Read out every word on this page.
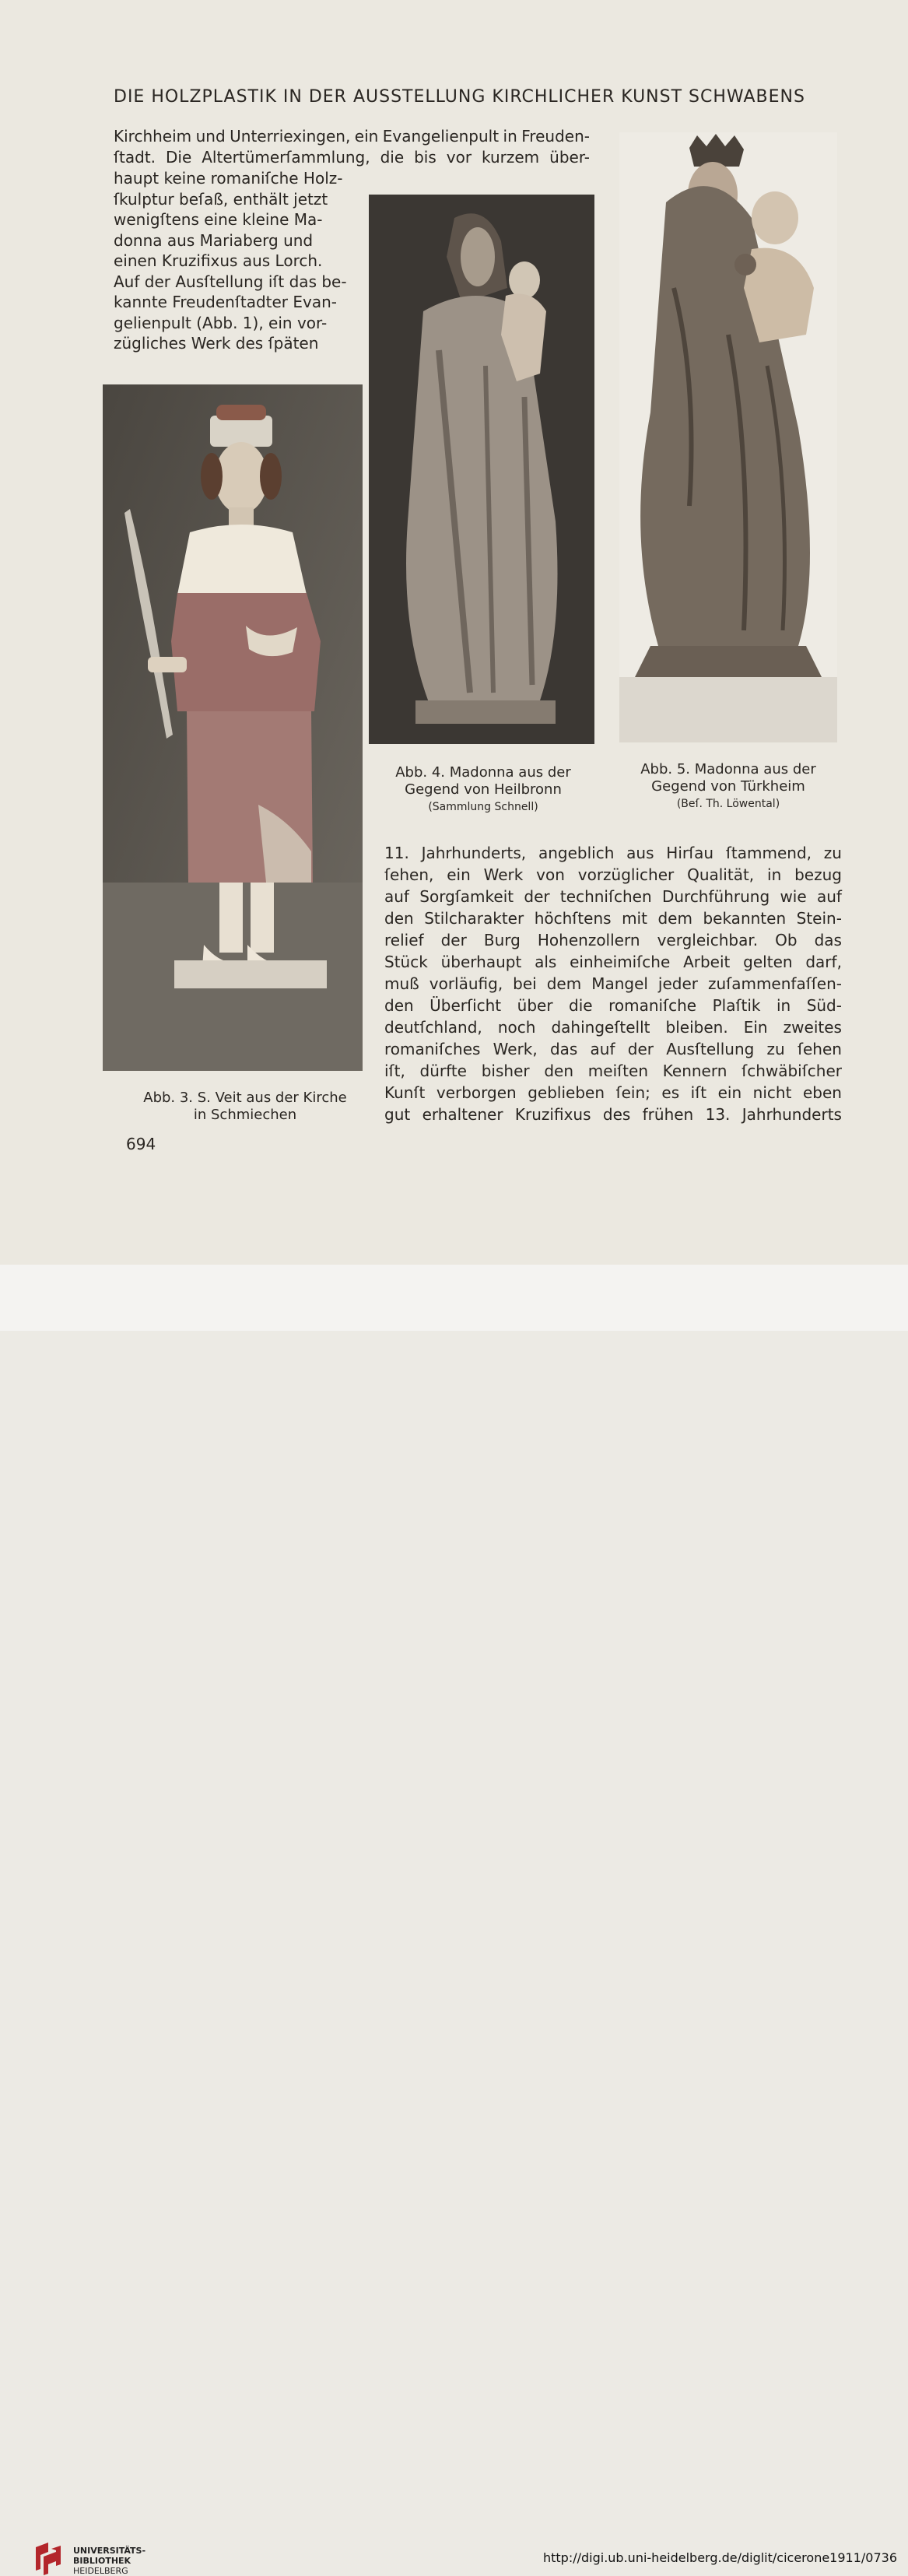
DIE HOLZPLASTIK IN DER AUSSTELLUNG KIRCHLICHER KUNST SCHWABENS
Kirchheim und Unterriexingen, ein Evangelienpult in Freuden-
ſtadt. Die Altertümerſammlung, die bis vor kurzem über-
haupt keine romaniſche Holz-
ſkulptur beſaß, enthält jetzt
wenigſtens eine kleine Ma-
donna aus Mariaberg und
einen Kruzifixus aus Lorch.
Auf der Ausſtellung iſt das be-
kannte Freudenſtadter Evan-
gelienpult (Abb. 1), ein vor-
zügliches Werk des ſpäten
Abb. 4. Madonna aus der
Gegend von Heilbronn
(Sammlung Schnell)
Abb. 5. Madonna aus der
Gegend von Türkheim
(Beſ. Th. Löwental)
11. Jahrhunderts, angeblich aus Hirſau ſtammend, zu
ſehen, ein Werk von vorzüglicher Qualität, in bezug
auf Sorgſamkeit der techniſchen Durchführung wie auf
den Stilcharakter höchſtens mit dem bekannten Stein-
relief der Burg Hohenzollern vergleichbar. Ob das
Stück überhaupt als einheimiſche Arbeit gelten darf,
muß vorläufig, bei dem Mangel jeder zuſammenfaſſen-
den Überſicht über die romaniſche Plaſtik in Süd-
deutſchland, noch dahingeſtellt bleiben. Ein zweites
romaniſches Werk, das auf der Ausſtellung zu ſehen
iſt, dürfte bisher den meiſten Kennern ſchwäbiſcher
Kunſt verborgen geblieben ſein; es iſt ein nicht eben
gut erhaltener Kruzifixus des frühen 13. Jahrhunderts
Abb. 3. S. Veit aus der Kirche
in Schmiechen
694
UNIVERSITÄTS-
BIBLIOTHEK
HEIDELBERG
http://digi.ub.uni-heidelberg.de/diglit/cicerone1911/0736
